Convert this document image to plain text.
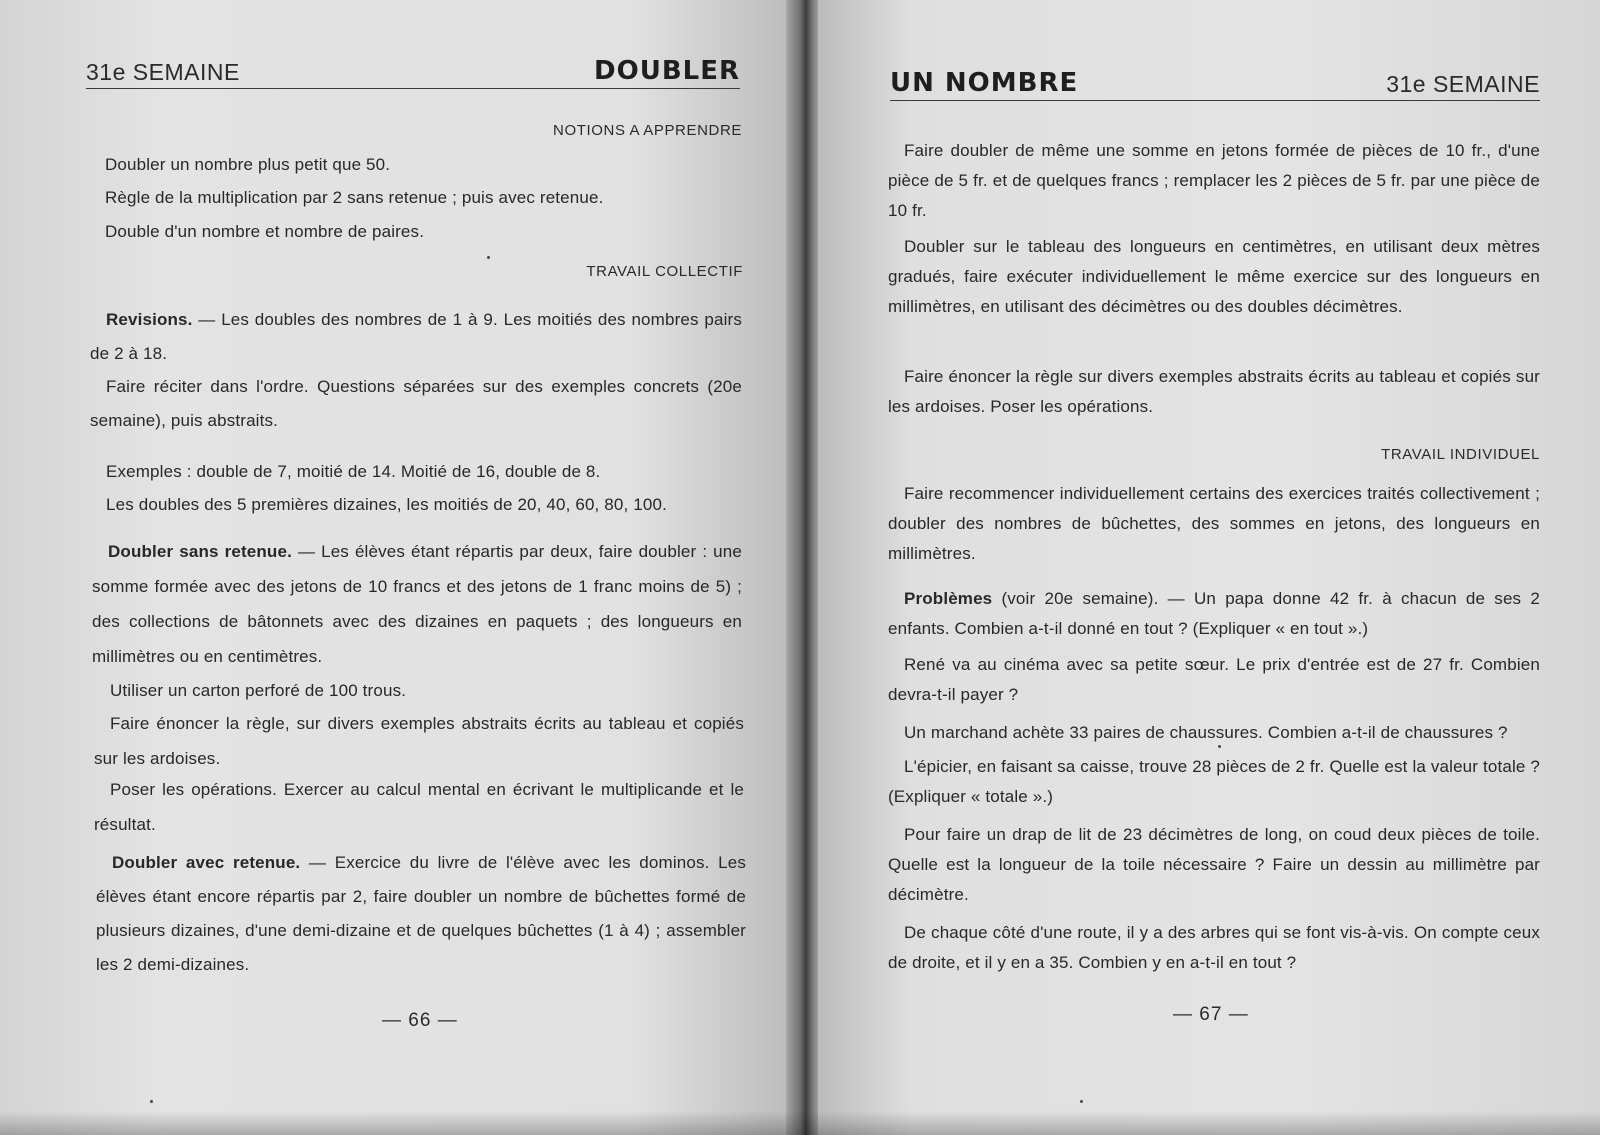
31e SEMAINE	DOUBLER
NOTIONS A APPRENDRE

Doubler un nombre plus petit que 50.

Règle de la multiplication par 2 sans retenue ; puis avec retenue.

Double d'un nombre et nombre de paires.

TRAVAIL COLLECTIF

Revisions. — Les doubles des nombres de 1 à 9. Les moitiés des nombres pairs de 2 à 18.

Faire réciter dans l'ordre. Questions séparées sur des exemples concrets (20e semaine), puis abstraits.

Exemples : double de 7, moitié de 14. Moitié de 16, double de 8.

Les doubles des 5 premières dizaines, les moitiés de 20, 40, 60, 80, 100.

Doubler sans retenue. — Les élèves étant répartis par deux, faire doubler : une somme formée avec des jetons de 10 francs et des jetons de 1 franc moins de 5) ; des collections de bâtonnets avec des dizaines en paquets ; des longueurs en millimètres ou en centimètres.

Utiliser un carton perforé de 100 trous.

Faire énoncer la règle, sur divers exemples abstraits écrits au tableau et copiés sur les ardoises.

Poser les opérations. Exercer au calcul mental en écrivant le multiplicande et le résultat.

Doubler avec retenue. — Exercice du livre de l'élève avec les dominos. Les élèves étant encore répartis par 2, faire doubler un nombre de bûchettes formé de plusieurs dizaines, d'une demi-dizaine et de quelques bûchettes (1 à 4) ; assembler les 2 demi-dizaines.

— 66 —
UN NOMBRE	31e SEMAINE

Faire doubler de même une somme en jetons formée de pièces de 10 fr., d'une pièce de 5 fr. et de quelques francs ; remplacer les 2 pièces de 5 fr. par une pièce de 10 fr.

Doubler sur le tableau des longueurs en centimètres, en utilisant deux mètres gradués, faire exécuter individuellement le même exercice sur des longueurs en millimètres, en utilisant des décimètres ou des doubles décimètres.

Faire énoncer la règle sur divers exemples abstraits écrits au tableau et copiés sur les ardoises. Poser les opérations.

TRAVAIL INDIVIDUEL

Faire recommencer individuellement certains des exercices traités collectivement ; doubler des nombres de bûchettes, des sommes en jetons, des longueurs en millimètres.

Problèmes (voir 20e semaine). — Un papa donne 42 fr. à chacun de ses 2 enfants. Combien a-t-il donné en tout ? (Expliquer « en tout ».)

René va au cinéma avec sa petite sœur. Le prix d'entrée est de 27 fr. Combien devra-t-il payer ?

Un marchand achète 33 paires de chaussures. Combien a-t-il de chaussures ?

L'épicier, en faisant sa caisse, trouve 28 pièces de 2 fr. Quelle est la valeur totale ? (Expliquer « totale ».)

Pour faire un drap de lit de 23 décimètres de long, on coud deux pièces de toile. Quelle est la longueur de la toile nécessaire ? Faire un dessin au millimètre par décimètre.

De chaque côté d'une route, il y a des arbres qui se font vis-à-vis. On compte ceux de droite, et il y en a 35. Combien y en a-t-il en tout ?

— 67 —
